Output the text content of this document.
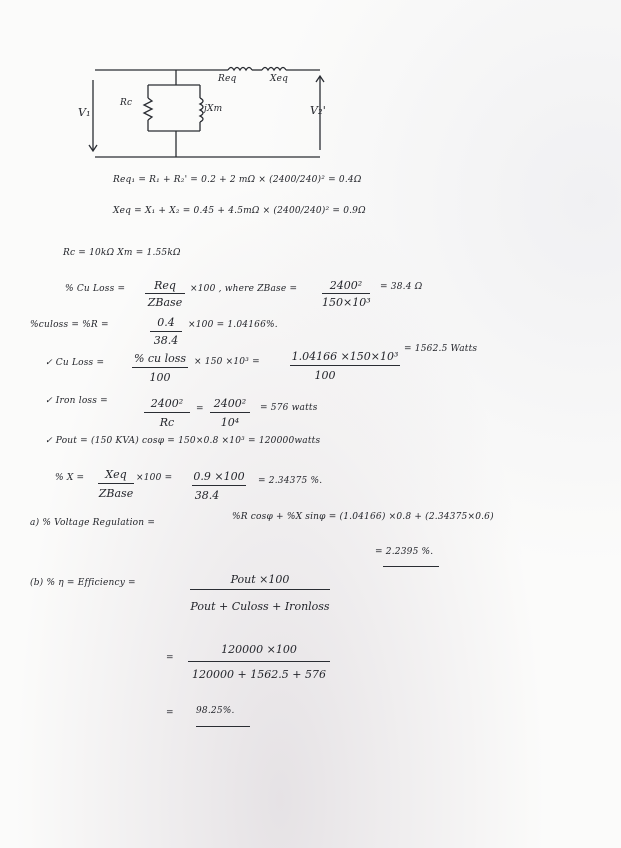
Req	Xeq
V₁	V₂'
Rc
jXm
Req₁ = R₁ + R₂' = 0.2 + 2 mΩ × (2400/240)² = 0.4Ω
Xeq = X₁ + X₂ = 0.45 + 4.5mΩ × (2400/240)² = 0.9Ω
Rc = 10kΩ Xm = 1.55kΩ
% Cu Loss =	Req
ZBase
×100 , where ZBase =	2400²
150×10³
= 38.4 Ω
%culoss = %R =	0.4
38.4
×100 = 1.04166%.
✓ Cu Loss =	% cu loss
100
× 150 ×10³ =	1.04166 ×150×10³
100
= 1562.5 Watts
✓ Iron loss =	2400²
Rc
= 2400²
10⁴
= 576 watts
✓ Pout = (150 KVA) cosφ = 150×0.8 ×10³ = 120000watts
% X =	Xeq
ZBase
×100 = 0.9 ×100
38.4
= 2.34375 %.
a) % Voltage Regulation =
%R cosφ + %X sinφ = (1.04166) ×0.8 + (2.34375×0.6)
= 2.2395 %.
(b) % η = Efficiency =	Pout ×100
Pout + Culoss + Ironloss
=
120000 ×100
120000 + 1562.5 + 576
= 98.25%.
